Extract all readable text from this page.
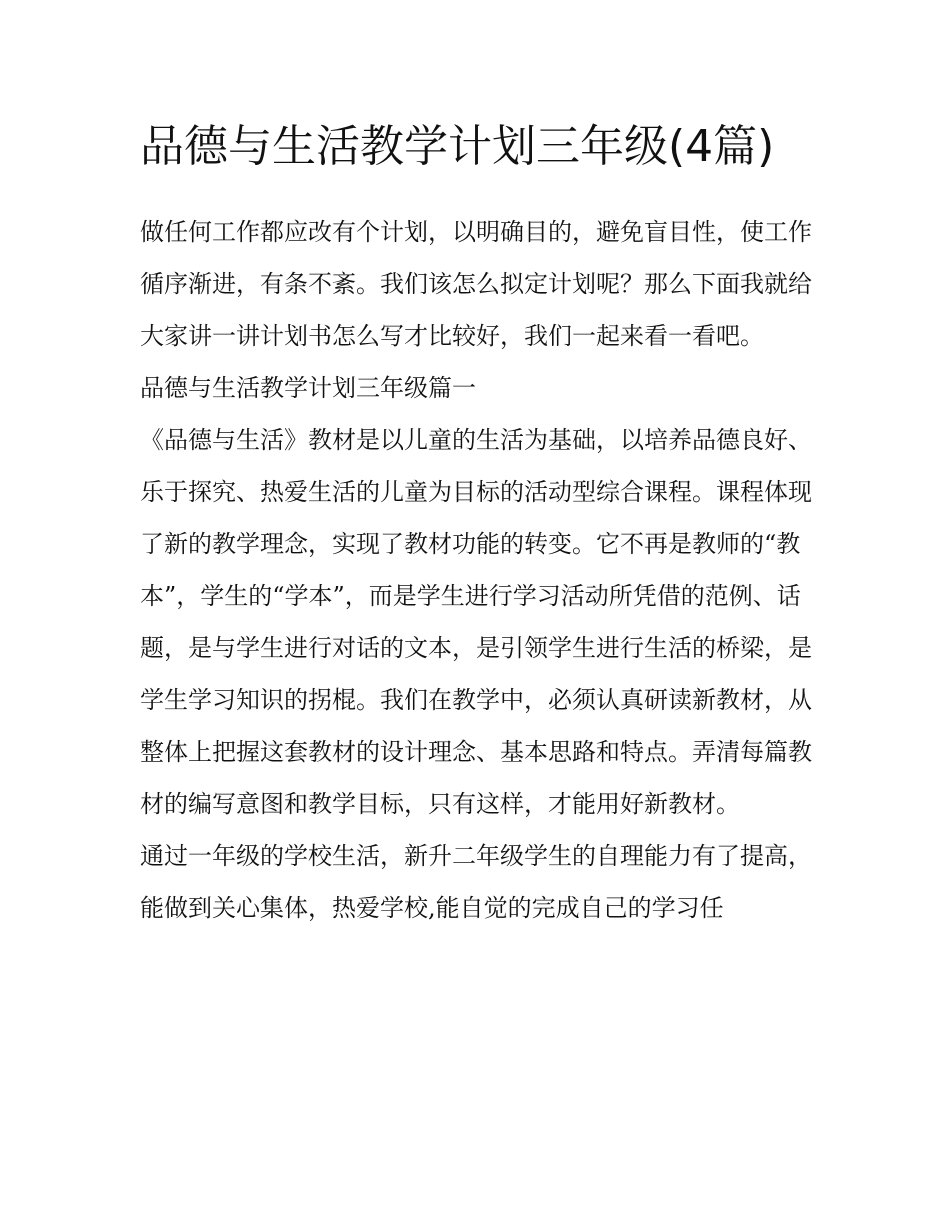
品德与生活教学计划三年级(4篇)

做任何工作都应改有个计划，以明确目的，避免盲目性，使工作循序渐进，有条不紊。我们该怎么拟定计划呢？那么下面我就给大家讲一讲计划书怎么写才比较好，我们一起来看一看吧。

品德与生活教学计划三年级篇一

《品德与生活》教材是以儿童的生活为基础，以培养品德良好、乐于探究、热爱生活的儿童为目标的活动型综合课程。课程体现了新的教学理念，实现了教材功能的转变。它不再是教师的“教本”，学生的“学本”，而是学生进行学习活动所凭借的范例、话题，是与学生进行对话的文本，是引领学生进行生活的桥梁，是学生学习知识的拐棍。我们在教学中，必须认真研读新教材，从整体上把握这套教材的设计理念、基本思路和特点。弄清每篇教材的编写意图和教学目标，只有这样，才能用好新教材。

通过一年级的学校生活，新升二年级学生的自理能力有了提高，能做到关心集体，热爱学校,能自觉的完成自己的学习任
